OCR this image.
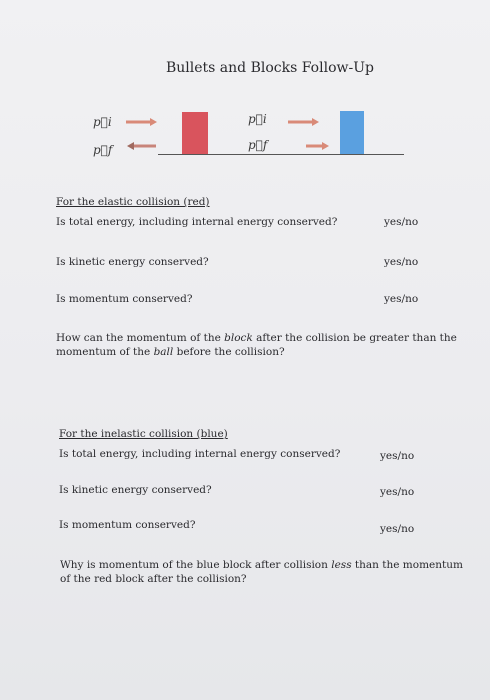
Bullets and Blocks Follow-Up
p⃗i
p⃗f
p⃗i
p⃗f
For the elastic collision (red)
Is total energy, including internal energy conserved?	yes/no
Is kinetic energy conserved?	yes/no
Is momentum conserved?	yes/no
How can the momentum of the block after the collision be greater than the momentum of the ball before the collision?
For the inelastic collision (blue)
Is total energy, including internal energy conserved?	yes/no
Is kinetic energy conserved?	yes/no
Is momentum conserved?	yes/no
Why is momentum of the blue block after collision less than the momentum of the red block after the collision?
